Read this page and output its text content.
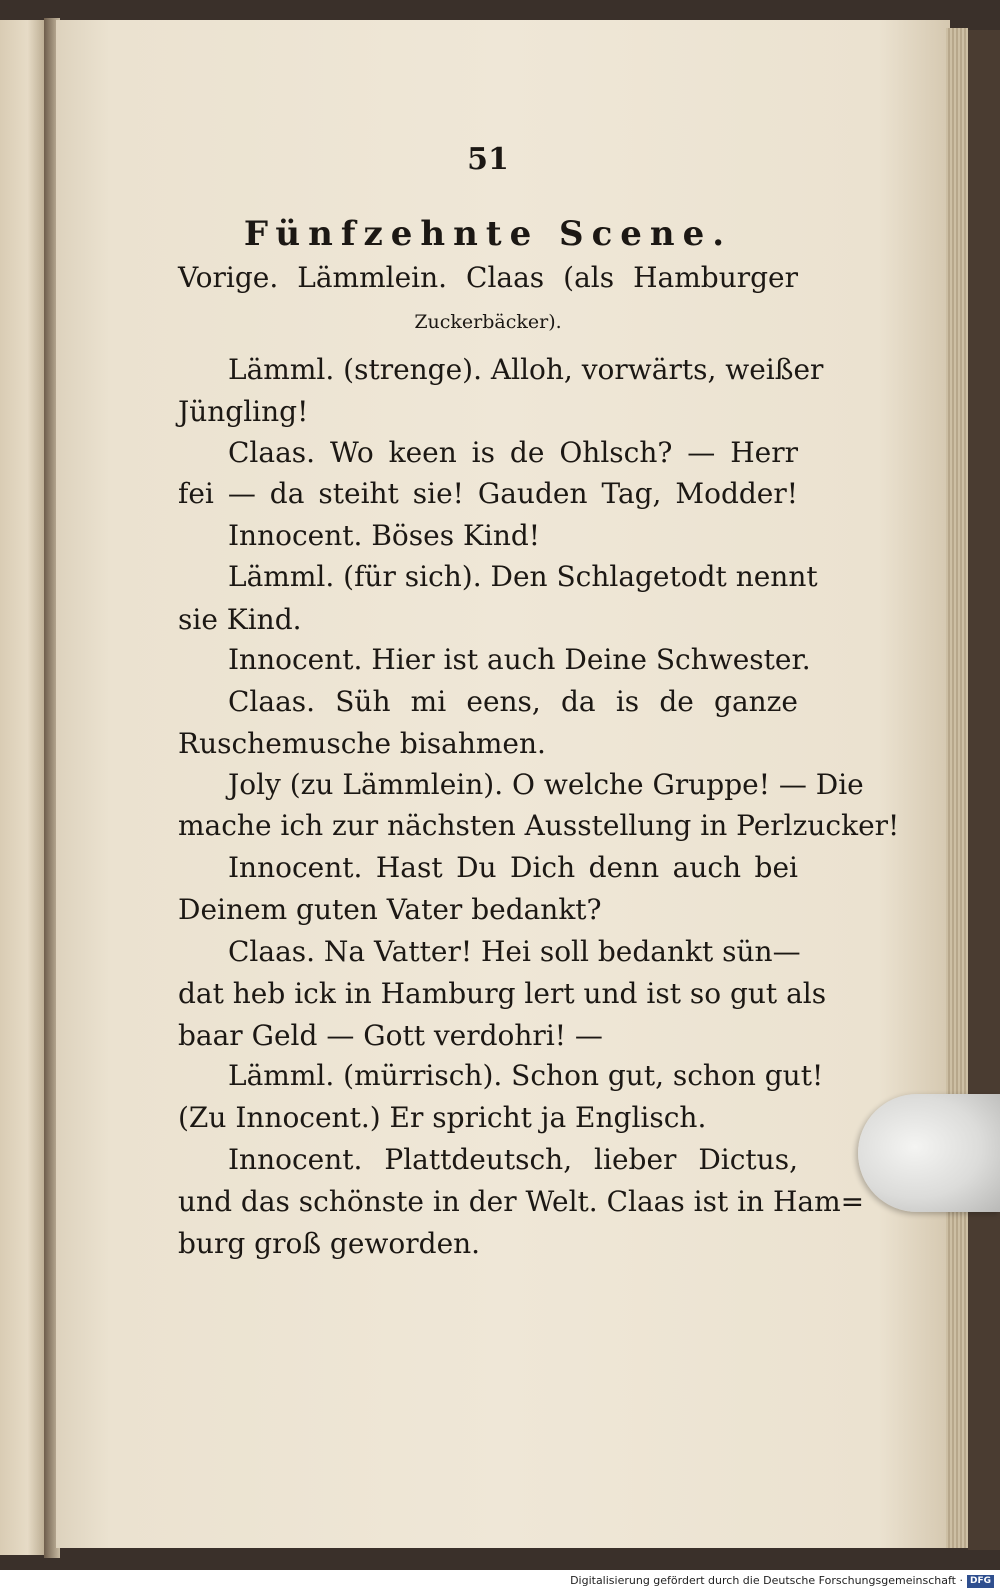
51
Fünfzehnte Scene.
Vorige. Lämmlein. Claas (als Hamburger
Zuckerbäcker).
Lämml. (strenge). Alloh, vorwärts, weißer
Jüngling!
Claas. Wo keen is de Ohlsch? — Herr
fei — da steiht sie! Gauden Tag, Modder!
Innocent. Böses Kind!
Lämml. (für sich). Den Schlagetodt nennt
sie Kind.
Innocent. Hier ist auch Deine Schwester.
Claas. Süh mi eens, da is de ganze
Ruschemusche bisahmen.
Joly (zu Lämmlein). O welche Gruppe! — Die
mache ich zur nächsten Ausstellung in Perlzucker!
Innocent. Hast Du Dich denn auch bei
Deinem guten Vater bedankt?
Claas. Na Vatter! Hei soll bedankt sün—
dat heb ick in Hamburg lert und ist so gut als
baar Geld — Gott verdohri! —
Lämml. (mürrisch). Schon gut, schon gut!
(Zu Innocent.) Er spricht ja Englisch.
Innocent. Plattdeutsch, lieber Dictus,
und das schönste in der Welt. Claas ist in Ham=
burg groß geworden.
Digitalisierung gefördert durch die Deutsche Forschungsgemeinschaft · DFG
